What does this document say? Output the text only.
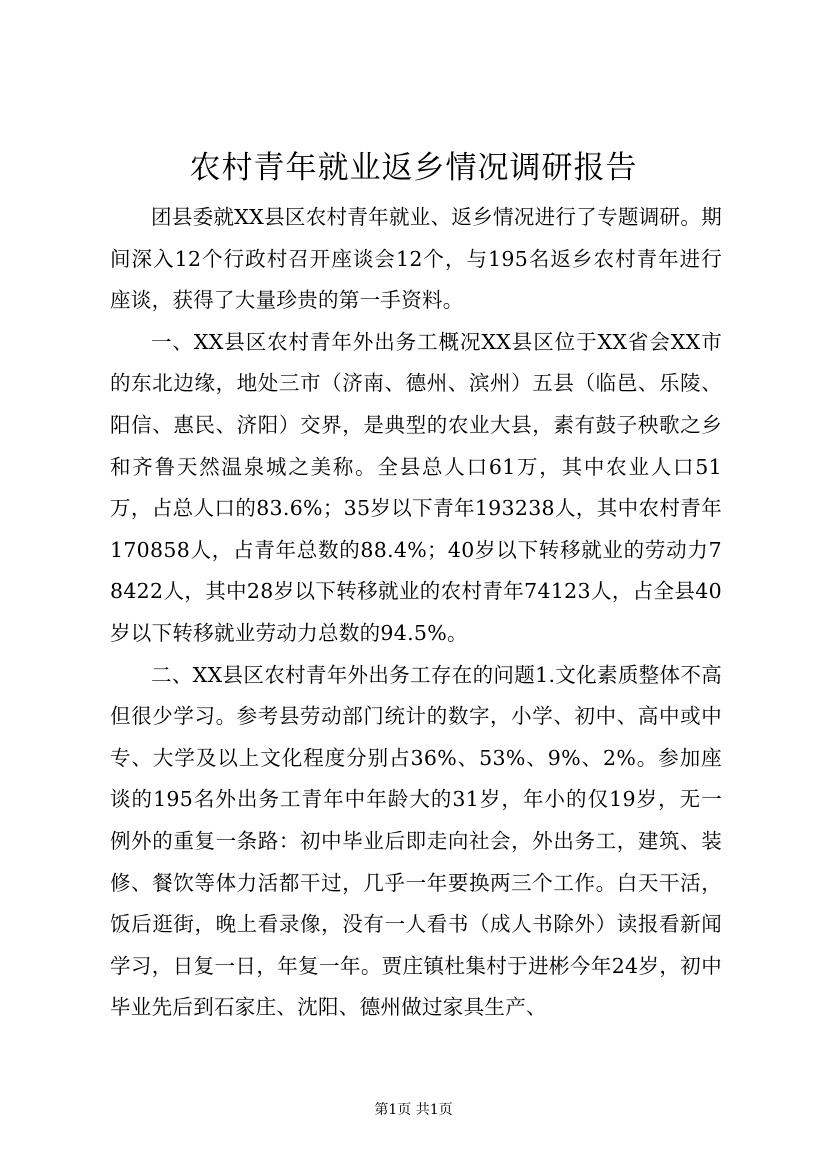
农村青年就业返乡情况调研报告

团县委就XX县区农村青年就业、返乡情况进行了专题调研。期间深入12个行政村召开座谈会12个，与195名返乡农村青年进行座谈，获得了大量珍贵的第一手资料。

一、XX县区农村青年外出务工概况XX县区位于XX省会XX市的东北边缘，地处三市（济南、德州、滨州）五县（临邑、乐陵、阳信、惠民、济阳）交界，是典型的农业大县，素有鼓子秧歌之乡和齐鲁天然温泉城之美称。全县总人口61万，其中农业人口51万，占总人口的83.6%；35岁以下青年193238人，其中农村青年170858人，占青年总数的88.4%；40岁以下转移就业的劳动力78422人，其中28岁以下转移就业的农村青年74123人，占全县40岁以下转移就业劳动力总数的94.5%。

二、XX县区农村青年外出务工存在的问题1.文化素质整体不高但很少学习。参考县劳动部门统计的数字，小学、初中、高中或中专、大学及以上文化程度分别占36%、53%、9%、2%。参加座谈的195名外出务工青年中年龄大的31岁，年小的仅19岁，无一例外的重复一条路：初中毕业后即走向社会，外出务工，建筑、装修、餐饮等体力活都干过，几乎一年要换两三个工作。白天干活，饭后逛街，晚上看录像，没有一人看书（成人书除外）读报看新闻学习，日复一日，年复一年。贾庄镇杜集村于进彬今年24岁，初中毕业先后到石家庄、沈阳、德州做过家具生产、

第1页 共1页
